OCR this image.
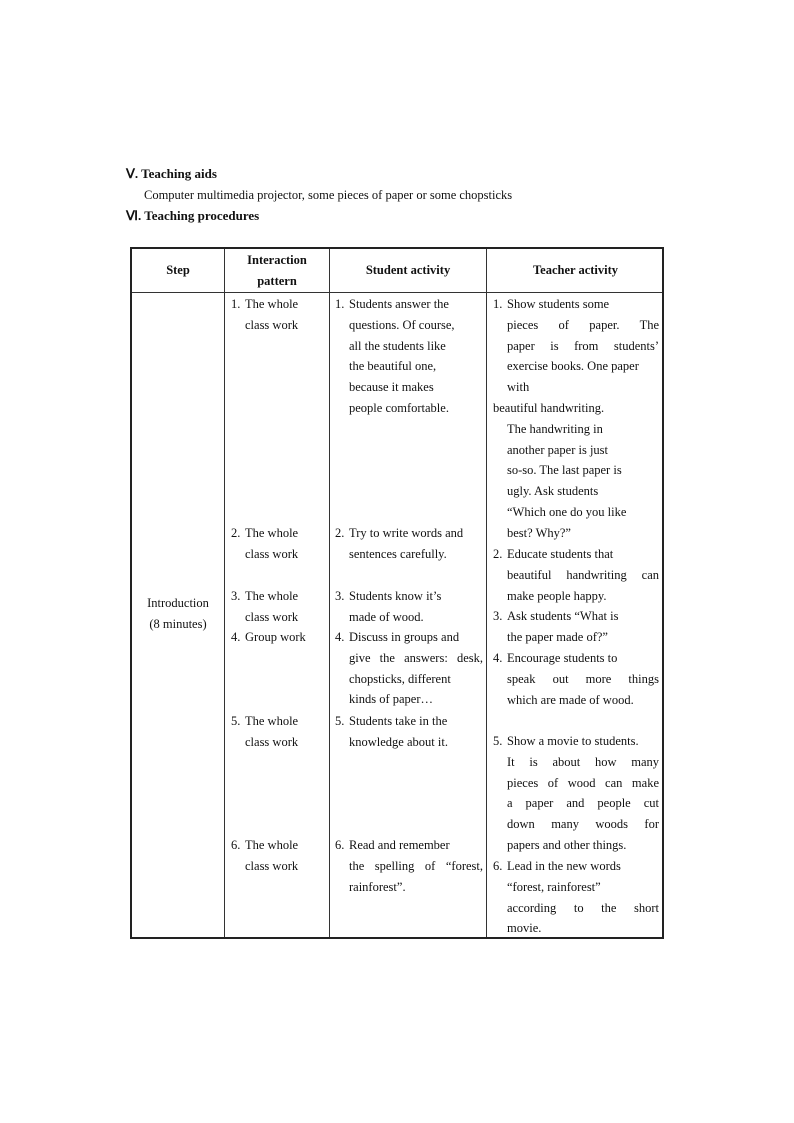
Ⅴ. Teaching aids
Computer multimedia projector, some pieces of paper or some chopsticks
Ⅵ. Teaching procedures
Step
Interaction
pattern
Student activity	Teacher activity
Introduction
(8 minutes)
1. The whole
class work
2. The whole
class work
3. The whole
class work
4. Group work
5. The whole
class work
6. The whole
class work
1. Students answer the
questions. Of course,
all the students like
the beautiful one,
because it makes
people comfortable.
2. Try to write words and
sentences carefully.
3. Students know it’s
made of wood.
4. Discuss in groups and
give the answers: desk,
chopsticks, different
kinds of paper…
5. Students take in the
knowledge about it.
6. Read and remember
the spelling of “forest,
rainforest”.
1. Show students some
pieces of paper. The
paper is from students’
exercise books. One paper
with
beautiful handwriting.
The handwriting in
another paper is just
so-so. The last paper is
ugly. Ask students
“Which one do you like
best? Why?”
2. Educate students that
beautiful handwriting can
make people happy.
3. Ask students “What is
the paper made of?”
4. Encourage students to
speak out more things
which are made of wood.
5. Show a movie to students.
It is about how many
pieces of wood can make
a paper and people cut
down many woods for
papers and other things.
6. Lead in the new words
“forest, rainforest”
according to the short
movie.
